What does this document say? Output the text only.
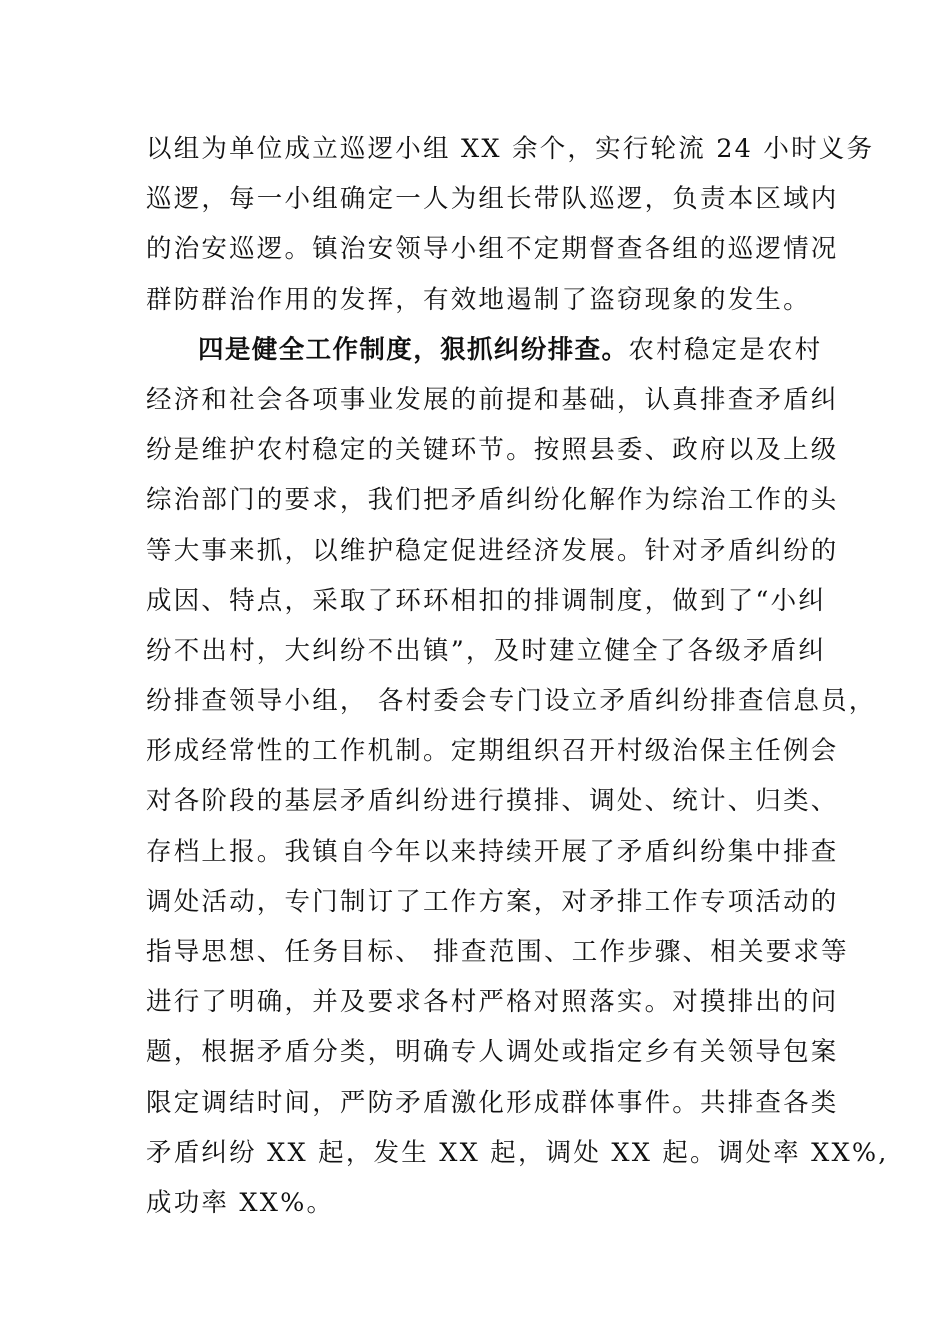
以组为单位成立巡逻小组 XX 余个，实行轮流 24 小时义务
巡逻，每一小组确定一人为组长带队巡逻，负责本区域内
的治安巡逻。镇治安领导小组不定期督查各组的巡逻情况
群防群治作用的发挥，有效地遏制了盗窃现象的发生。
四是健全工作制度，狠抓纠纷排查。农村稳定是农村
经济和社会各项事业发展的前提和基础，认真排查矛盾纠
纷是维护农村稳定的关键环节。按照县委、政府以及上级
综治部门的要求，我们把矛盾纠纷化解作为综治工作的头
等大事来抓，以维护稳定促进经济发展。针对矛盾纠纷的
成因、特点，采取了环环相扣的排调制度，做到了“小纠
纷不出村，大纠纷不出镇”，及时建立健全了各级矛盾纠
纷排查领导小组， 各村委会专门设立矛盾纠纷排查信息员，
形成经常性的工作机制。定期组织召开村级治保主任例会
对各阶段的基层矛盾纠纷进行摸排、调处、统计、归类、
存档上报。我镇自今年以来持续开展了矛盾纠纷集中排查
调处活动，专门制订了工作方案，对矛排工作专项活动的
指导思想、任务目标、 排查范围、工作步骤、相关要求等
进行了明确，并及要求各村严格对照落实。对摸排出的问
题，根据矛盾分类，明确专人调处或指定乡有关领导包案
限定调结时间，严防矛盾激化形成群体事件。共排查各类
矛盾纠纷 XX 起，发生 XX 起，调处 XX 起。调处率 XX%,
成功率 XX%。
